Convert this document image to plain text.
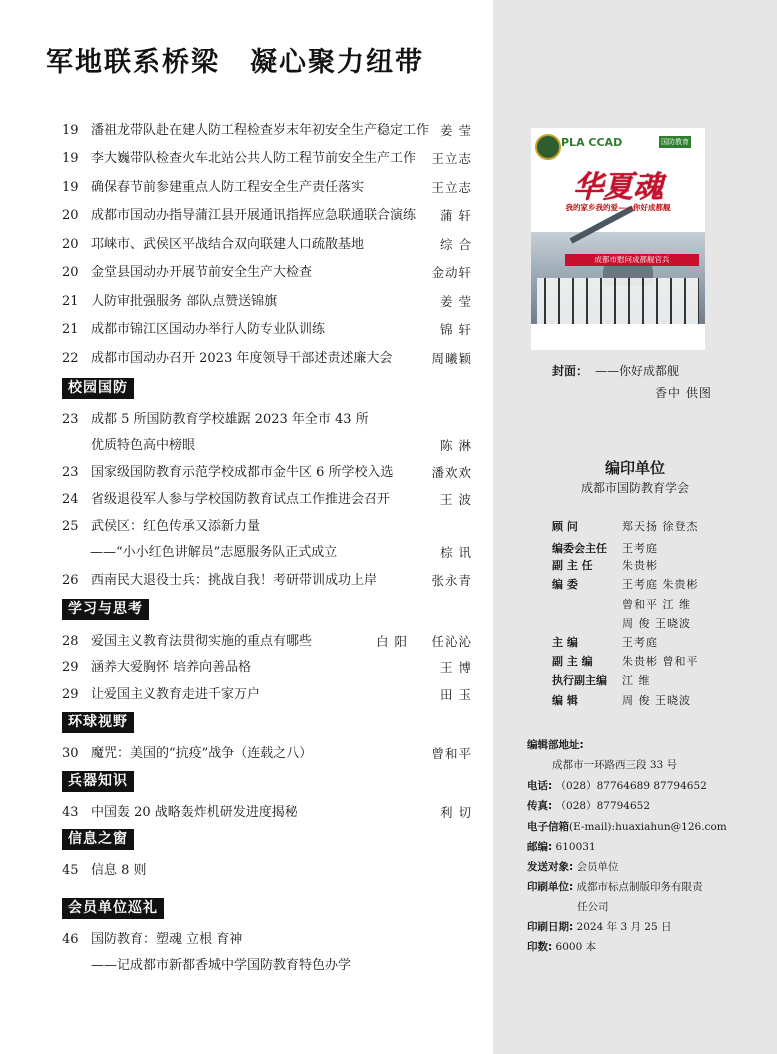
军地联系桥梁 凝心聚力纽带
19 潘祖龙带队赴在建人防工程检查岁末年初安全生产稳定工作 姜 莹
19 李大巍带队检查火车北站公共人防工程节前安全生产工作 王立志
19 确保春节前参建重点人防工程安全生产责任落实	王立志
20 成都市国动办指导蒲江县开展通讯指挥应急联通联合演练 蒲 轩
20 邛崃市、武侯区平战结合双向联建人口疏散基地	综 合
20 金堂县国动办开展节前安全生产大检查	金动轩
21 人防审批强服务 部队点赞送锦旗	姜 莹
21 成都市锦江区国动办举行人防专业队训练	锦 轩
22 成都市国动办召开 2023 年度领导干部述责述廉大会	周曦颖
校园国防
23 成都 5 所国防教育学校雄踞 2023 年全市 43 所
优质特色高中榜眼	陈 淋
23 国家级国防教育示范学校成都市金牛区 6 所学校入选	潘欢欢
24 省级退役军人参与学校国防教育试点工作推进会召开	王 波
25 武侯区：红色传承又添新力量
——“小小红色讲解员”志愿服务队正式成立	棕 讯
26 西南民大退役士兵：挑战自我！考研带训成功上岸	张永青
学习与思考
28 爱国主义教育法贯彻实施的重点有哪些	白 阳 任沁沁
29 涵养大爱胸怀 培养向善品格	王 博
29 让爱国主义教育走进千家万户	田 玉
环球视野
30 魔咒：美国的“抗疫”战争（连载之八）	曾和平
兵器知识
43 中国轰 20 战略轰炸机研发进度揭秘	利 切
信息之窗
45 信息 8 则
会员单位巡礼
46 国防教育：塑魂 立根 育神
——记成都市新都香城中学国防教育特色办学
PLA CCAD	国防教育
华夏魂
我的家乡我的爱——你好成都舰
成都市慰问成都舰官兵
封面： ——你好成都舰
香中 供图
编印单位
成都市国防教育学会
顾 问	郑天扬 徐登杰
编委会主任 王考庭
副 主 任	朱贵彬
编 委	王考庭 朱贵彬
曾和平 江 维
周 俊 王晓波
主 编	王考庭
副 主 编	朱贵彬 曾和平
执行副主编 江 维
编 辑	周 俊 王晓波
编辑部地址:
成都市一环路西三段 33 号
电话: （028）87764689 87794652
传真: （028）87794652
电子信箱(E-mail):huaxiahun@126.com
邮编: 610031
发送对象: 会员单位
印刷单位: 成都市标点制版印务有限责
任公司
印刷日期: 2024 年 3 月 25 日
印数: 6000 本
